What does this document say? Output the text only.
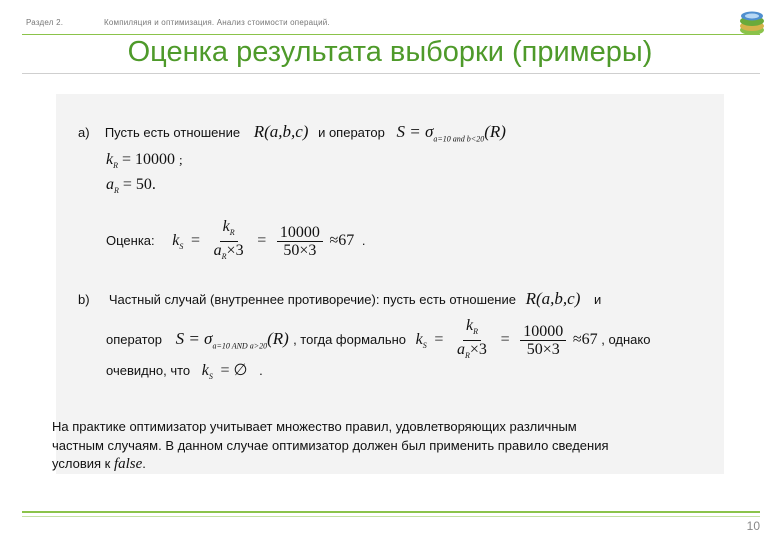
Раздел 2.	Компиляция и оптимизация. Анализ стоимости операций.
Оценка результата выборки (примеры)
а) Пусть есть отношение R(a,b,c) и оператор $S = \sigma_{a=10 and b<20}(R)$
$k_R = 10000$ ;
$a_R = 50$.
Оценка: $k_S = \frac{k_R}{a_R\times 3} = \frac{10000}{50\times 3} \approx 67$ .
b) Частный случай (внутреннее противоречие): пусть есть отношение R(a,b,c) и
оператор $S = \sigma_{a=10 AND a>20}(R)$ , тогда формально $k_S = \frac{k_R}{a_R\times 3} = \frac{10000}{50\times 3} \approx 67$ , однако
очевидно, что $k_S$ = ∅ .
На практике оптимизатор учитывает множество правил, удовлетворяющих различным
частным случаям. В данном случае оптимизатор должен был применить правило сведения
условия к false.
10
